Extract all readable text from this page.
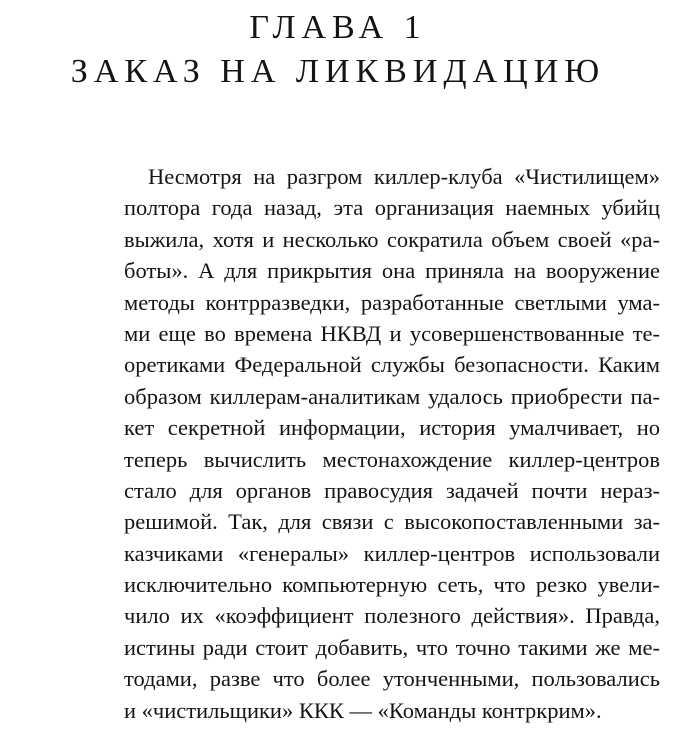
ГЛАВА 1
ЗАКАЗ НА ЛИКВИДАЦИЮ
Несмотря на разгром киллер-клуба «Чистилищем»
полтора года назад, эта организация наемных убийц
выжила, хотя и несколько сократила объем своей «ра-
боты». А для прикрытия она приняла на вооружение
методы контрразведки, разработанные светлыми ума-
ми еще во времена НКВД и усовершенствованные те-
оретиками Федеральной службы безопасности. Каким
образом киллерам-аналитикам удалось приобрести па-
кет секретной информации, история умалчивает, но
теперь вычислить местонахождение киллер-центров
стало для органов правосудия задачей почти нераз-
решимой. Так, для связи с высокопоставленными за-
казчиками «генералы» киллер-центров использовали
исключительно компьютерную сеть, что резко увели-
чило их «коэффициент полезного действия». Правда,
истины ради стоит добавить, что точно такими же ме-
тодами, разве что более утонченными, пользовались
и «чистильщики» ККК — «Команды контркрим».
